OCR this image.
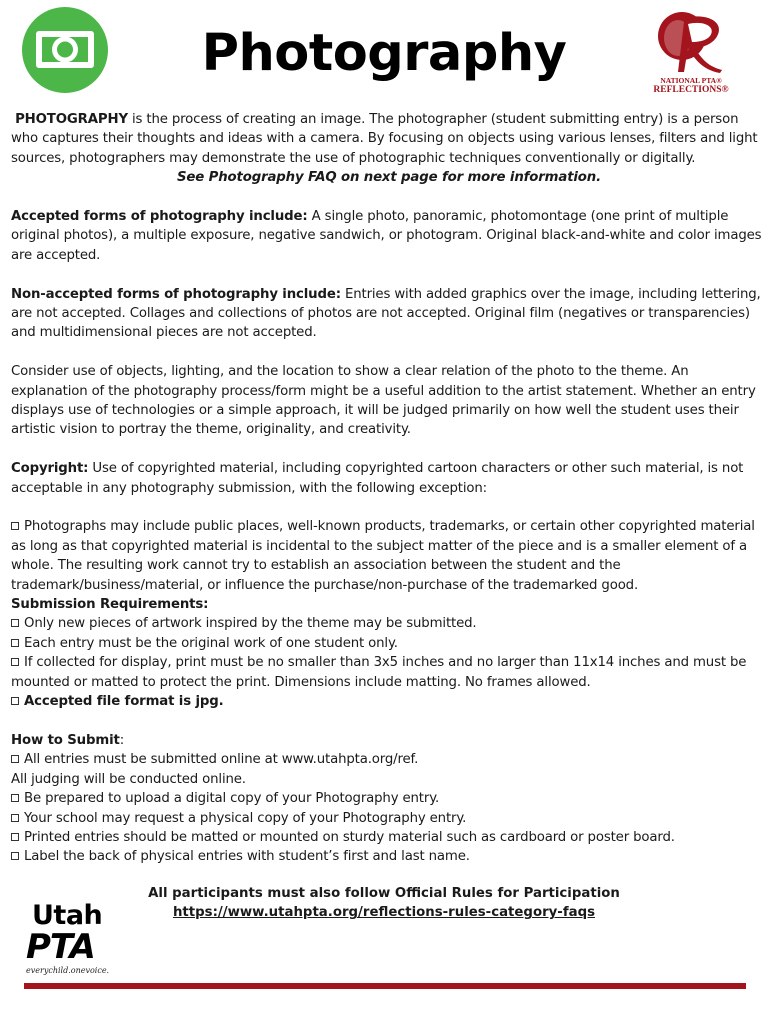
Photography	NATIONAL PTA®
REFLECTIONS®

PHOTOGRAPHY is the process of creating an image. The photographer (student submitting entry) is a person who captures their thoughts and ideas with a camera. By focusing on objects using various lenses, filters and light sources, photographers may demonstrate the use of photographic techniques conventionally or digitally.

See Photography FAQ on next page for more information.

Accepted forms of photography include: A single photo, panoramic, photomontage (one print of multiple original photos), a multiple exposure, negative sandwich, or photogram. Original black-and-white and color images are accepted.

Non-accepted forms of photography include: Entries with added graphics over the image, including lettering, are not accepted. Collages and collections of photos are not accepted. Original film (negatives or transparencies) and multidimensional pieces are not accepted.

Consider use of objects, lighting, and the location to show a clear relation of the photo to the theme. An explanation of the photography process/form might be a useful addition to the artist statement. Whether an entry displays use of technologies or a simple approach, it will be judged primarily on how well the student uses their artistic vision to portray the theme, originality, and creativity.

Copyright: Use of copyrighted material, including copyrighted cartoon characters or other such material, is not acceptable in any photography submission, with the following exception:

Photographs may include public places, well-known products, trademarks, or certain other copyrighted material as long as that copyrighted material is incidental to the subject matter of the piece and is a smaller element of a whole. The resulting work cannot try to establish an association between the student and the trademark/business/material, or influence the purchase/non-purchase of the trademarked good.

Submission Requirements:

Only new pieces of artwork inspired by the theme may be submitted.

Each entry must be the original work of one student only.

If collected for display, print must be no smaller than 3x5 inches and no larger than 11x14 inches and must be mounted or matted to protect the print. Dimensions include matting. No frames allowed.

Accepted file format is jpg.

How to Submit:

All entries must be submitted online at www.utahpta.org/ref.

All judging will be conducted online.

Be prepared to upload a digital copy of your Photography entry.

Your school may request a physical copy of your Photography entry.

Printed entries should be matted or mounted on sturdy material such as cardboard or poster board.

Label the back of physical entries with student’s first and last name.

All participants must also follow Official Rules for Participation
https://www.utahpta.org/reflections-rules-category-faqs
Utah
PTA
everychild.onevoice.
